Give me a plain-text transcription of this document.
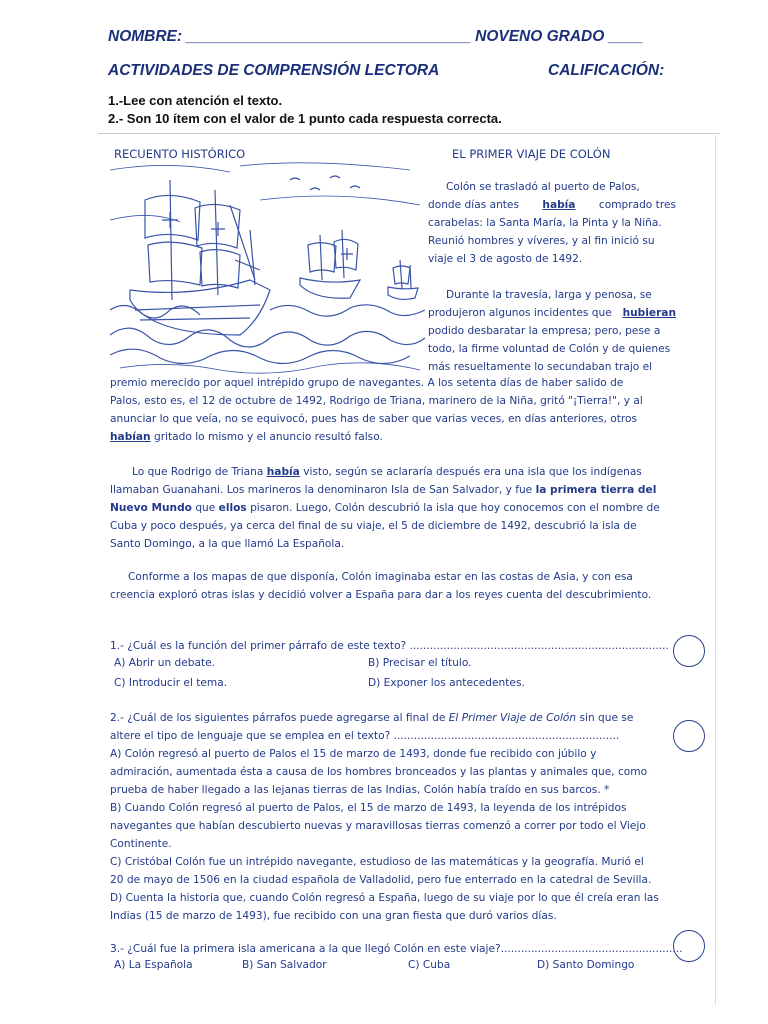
NOMBRE: _________________________________ NOVENO GRADO ____
ACTIVIDADES DE COMPRENSIÓN LECTORA	CALIFICACIÓN:
1.-Lee con atención el texto.
2.- Son 10 ítem con el valor de 1 punto cada respuesta correcta.
RECUENTO HISTÓRICO	EL PRIMER VIAJE DE COLÓN
Colón se trasladó al puerto de Palos,
donde días antes había comprado tres
carabelas: la Santa María, la Pinta y la Niña.
Reunió hombres y víveres, y al fin inició su
viaje el 3 de agosto de 1492.
Durante la travesía, larga y penosa, se
produjeron algunos incidentes que hubieran
podido desbaratar la empresa; pero, pese a
todo, la firme voluntad de Colón y de quienes
más resueltamente lo secundaban trajo el
premio merecido por aquel intrépido grupo de navegantes. A los setenta días de haber salido de
Palos, esto es, el 12 de octubre de 1492, Rodrigo de Triana, marinero de la Niña, gritó "¡Tierra!", y al
anunciar lo que veía, no se equivocó, pues has de saber que varias veces, en días anteriores, otros
habían gritado lo mismo y el anuncio resultó falso.
Lo que Rodrigo de Triana había visto, según se aclararía después era una isla que los indígenas
llamaban Guanahani. Los marineros la denominaron Isla de San Salvador, y fue la primera tierra del
Nuevo Mundo que ellos pisaron. Luego, Colón descubrió la isla que hoy conocemos con el nombre de
Cuba y poco después, ya cerca del final de su viaje, el 5 de diciembre de 1492, descubrió la isla de
Santo Domingo, a la que llamó La Española.
Conforme a los mapas de que disponía, Colón imaginaba estar en las costas de Asia, y con esa
creencia exploró otras islas y decidió volver a España para dar a los reyes cuenta del descubrimiento.
1.- ¿Cuál es la función del primer párrafo de este texto? .............................................................................
A) Abrir un debate.	B) Precisar el título.
C) Introducir el tema.	D) Exponer los antecedentes.
2.- ¿Cuál de los siguientes párrafos puede agregarse al final de El Primer Viaje de Colón sin que se
altere el tipo de lenguaje que se emplea en el texto? ...................................................................
A) Colón regresó al puerto de Palos el 15 de marzo de 1493, donde fue recibido con júbilo y
admiración, aumentada ésta a causa de los hombres bronceados y las plantas y animales que, como
prueba de haber llegado a las lejanas tierras de las Indias, Colón había traído en sus barcos. *
B) Cuando Colón regresó al puerto de Palos, el 15 de marzo de 1493, la leyenda de los intrépidos
navegantes que habían descubierto nuevas y maravillosas tierras comenzó a correr por todo el Viejo
Continente.
C) Cristóbal Colón fue un intrépido navegante, estudioso de las matemáticas y la geografía. Murió el
20 de mayo de 1506 en la ciudad española de Valladolid, pero fue enterrado en la catedral de Sevilla.
D) Cuenta la historia que, cuando Colón regresó a España, luego de su viaje por lo que él creía eran las
Indias (15 de marzo de 1493), fue recibido con una gran fiesta que duró varios días.
3.- ¿Cuál fue la primera isla americana a la que llegó Colón en este viaje?......................................................
A) La Española	B) San Salvador	C) Cuba	D) Santo Domingo
